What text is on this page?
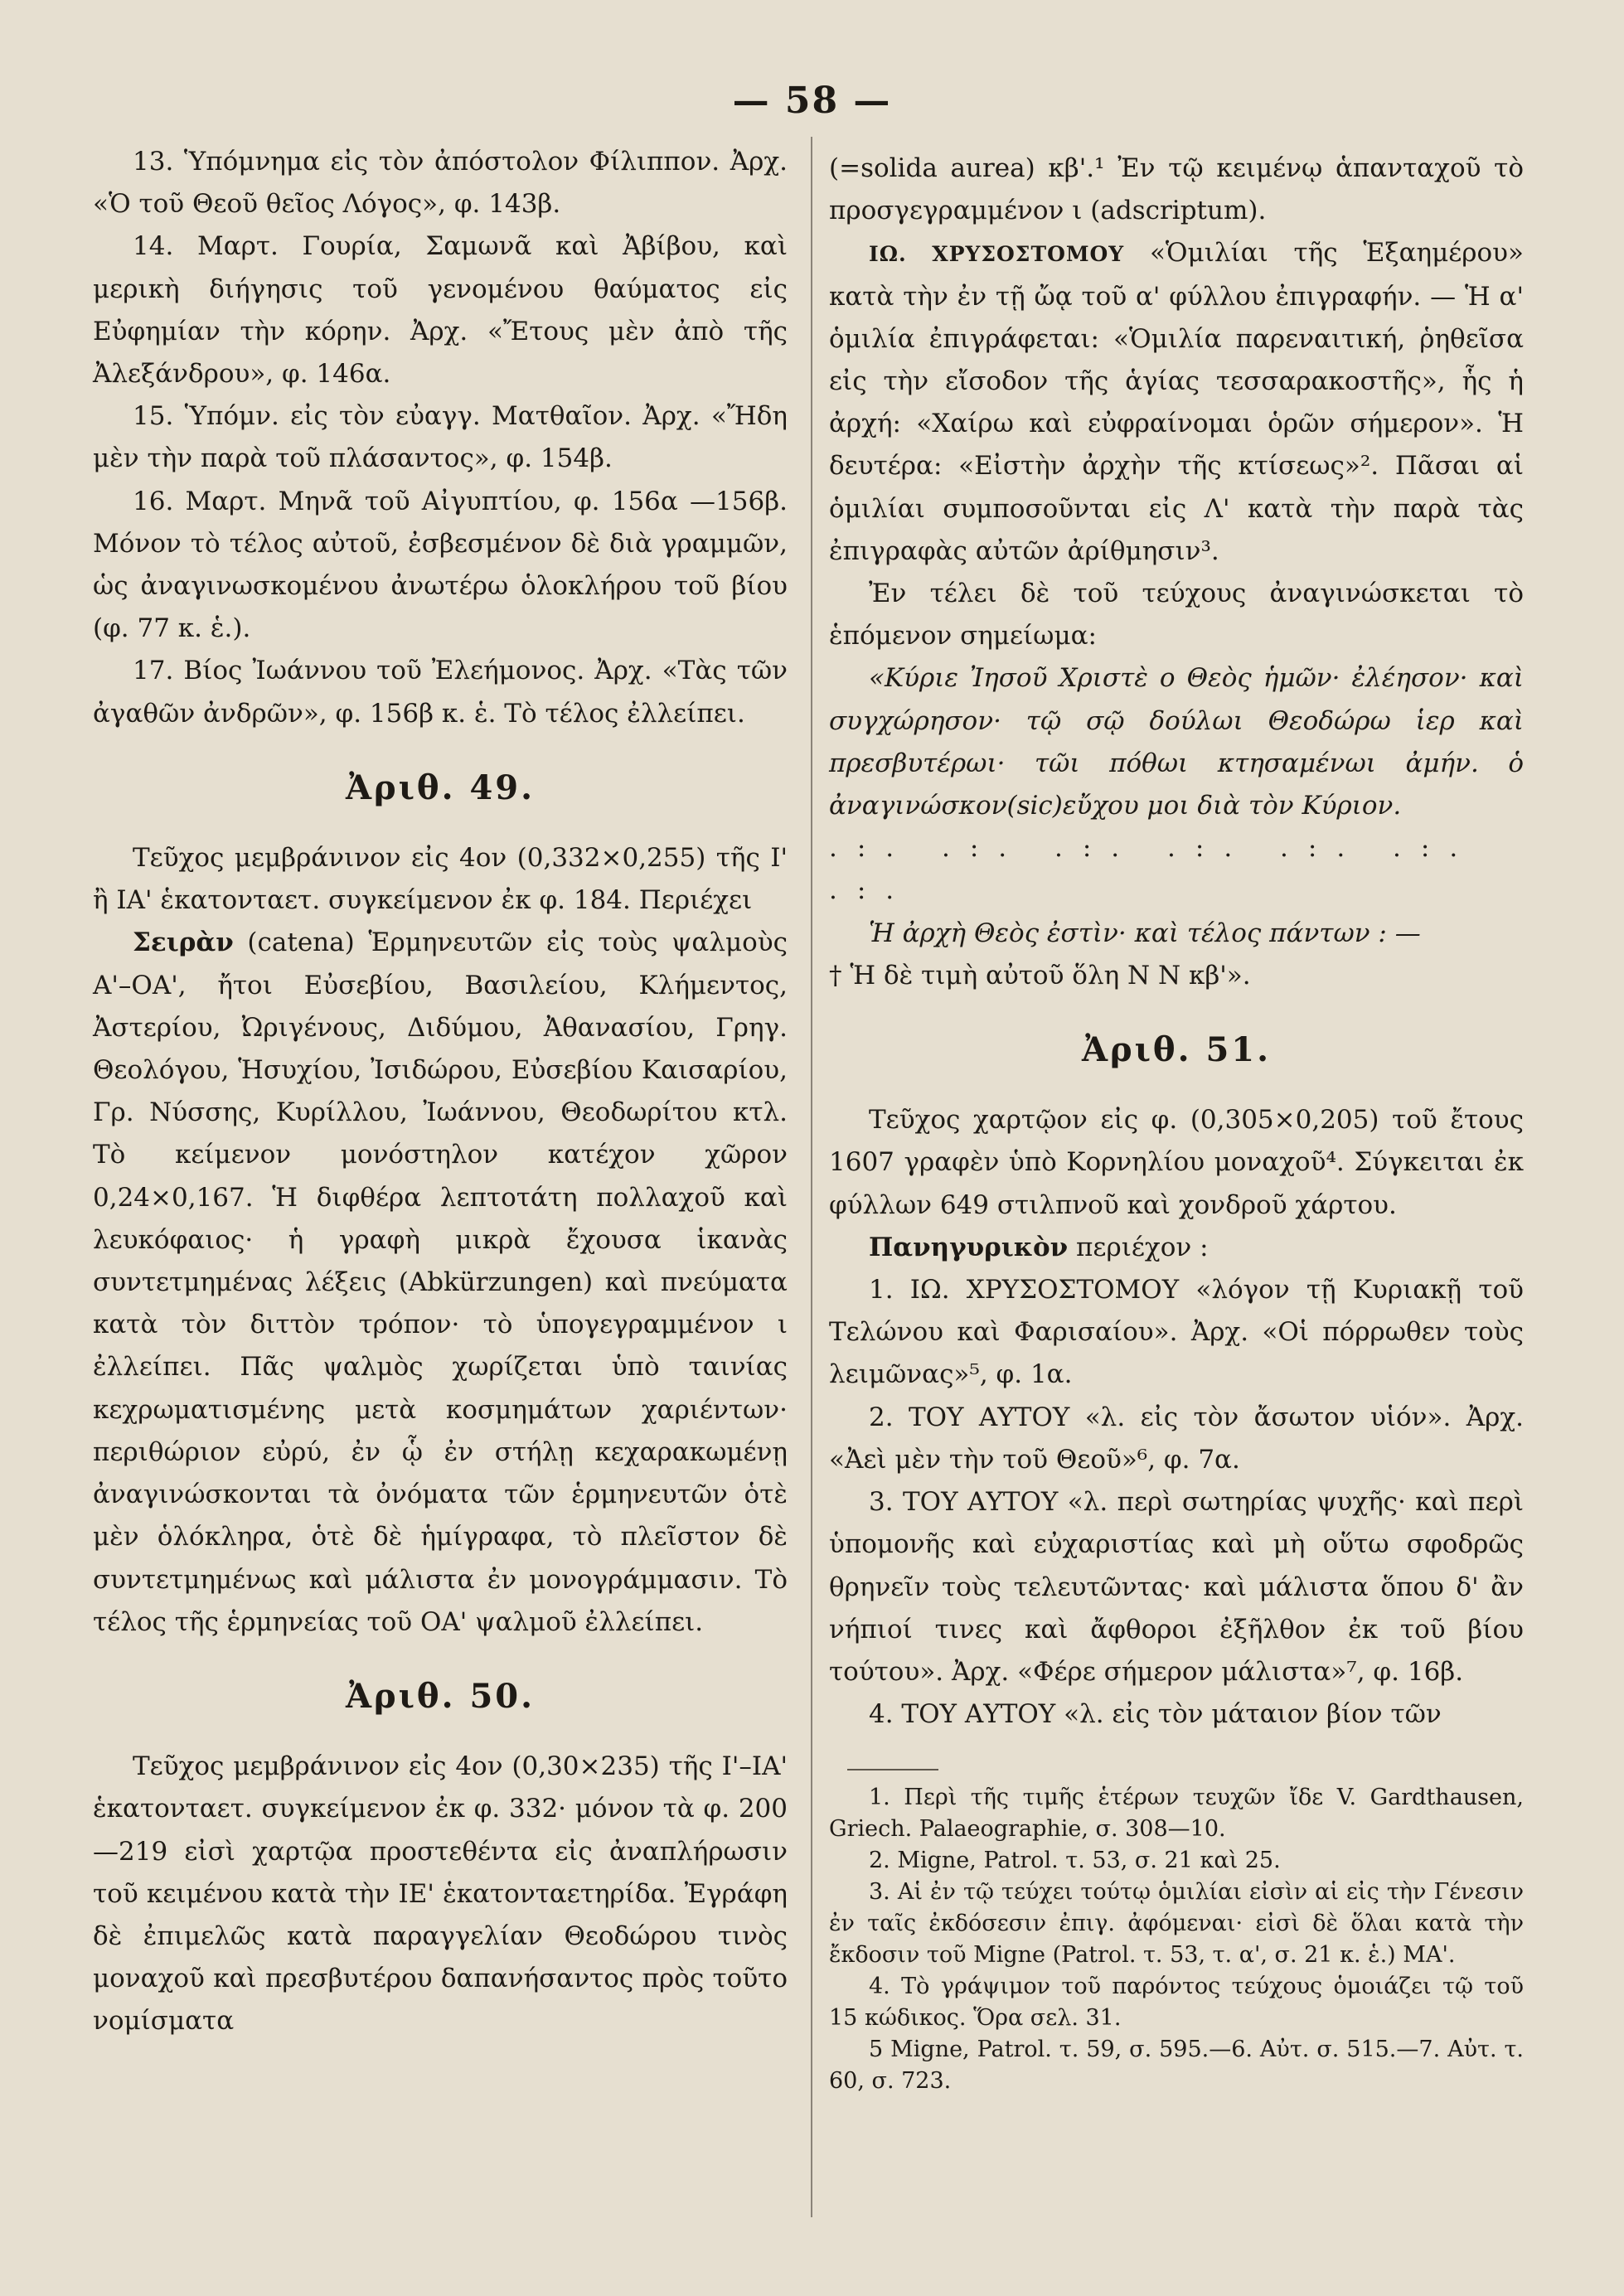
— 58 —

13. Ὑπόμνημα εἰς τὸν ἀπόστολον Φίλιππον. Ἀρχ. «Ὁ τοῦ Θεοῦ θεῖος Λόγος», φ. 143β.

14. Μαρτ. Γουρία, Σαμωνᾶ καὶ Ἀβίβου, καὶ μερικὴ διήγησις τοῦ γενομένου θαύματος εἰς Εὐφημίαν τὴν κόρην. Ἀρχ. «Ἔτους μὲν ἀπὸ τῆς Ἀλεξάνδρου», φ. 146α.

15. Ὑπόμν. εἰς τὸν εὐαγγ. Ματθαῖον. Ἀρχ. «Ἤδη μὲν τὴν παρὰ τοῦ πλάσαντος», φ. 154β.

16. Μαρτ. Μηνᾶ τοῦ Αἰγυπτίου, φ. 156α —156β. Μόνον τὸ τέλος αὐτοῦ, ἐσβεσμένον δὲ διὰ γραμμῶν, ὡς ἀναγινωσκομένου ἀνωτέρω ὁλοκλήρου τοῦ βίου (φ. 77 κ. ἑ.).

17. Βίος Ἰωάννου τοῦ Ἐλεήμονος. Ἀρχ. «Τὰς τῶν ἀγαθῶν ἀνδρῶν», φ. 156β κ. ἑ. Τὸ τέλος ἐλλείπει.

Ἀριθ. 49.

Τεῦχος μεμβράνινον εἰς 4ον (0,332×0,255) τῆς Ι' ἢ ΙΑ' ἑκατονταετ. συγκείμενον ἐκ φ. 184. Περιέχει

Σειρὰν (catena) Ἑρμηνευτῶν εἰς τοὺς ψαλμοὺς Α'–ΟΑ', ἤτοι Εὐσεβίου, Βασιλείου, Κλήμεντος, Ἀστερίου, Ὠριγένους, Διδύμου, Ἀθανασίου, Γρηγ. Θεολόγου, Ἡσυχίου, Ἰσιδώρου, Εὐσεβίου Καισαρίου, Γρ. Νύσσης, Κυρίλλου, Ἰωάννου, Θεοδωρίτου κτλ. Τὸ κείμενον μονόστηλον κατέχον χῶρον 0,24×0,167. Ἡ διφθέρα λεπτοτάτη πολλαχοῦ καὶ λευκόφαιος· ἡ γραφὴ μικρὰ ἔχουσα ἱκανὰς συντετμημένας λέξεις (Abkürzungen) καὶ πνεύματα κατὰ τὸν διττὸν τρόπον· τὸ ὑπογεγραμμένον ι ἐλλείπει. Πᾶς ψαλμὸς χωρίζεται ὑπὸ ταινίας κεχρωματισμένης μετὰ κοσμημάτων χαριέντων· περιθώριον εὐρύ, ἐν ᾧ ἐν στήλῃ κεχαρακωμένῃ ἀναγινώσκονται τὰ ὀνόματα τῶν ἑρμηνευτῶν ὁτὲ μὲν ὁλόκληρα, ὁτὲ δὲ ἡμίγραφα, τὸ πλεῖστον δὲ συντετμημένως καὶ μάλιστα ἐν μονογράμμασιν. Τὸ τέλος τῆς ἑρμηνείας τοῦ ΟΑ' ψαλμοῦ ἐλλείπει.

Ἀριθ. 50.

Τεῦχος μεμβράνινον εἰς 4ον (0,30×235) τῆς Ι'–ΙΑ' ἑκατονταετ. συγκείμενον ἐκ φ. 332· μόνον τὰ φ. 200—219 εἰσὶ χαρτῷα προστεθέντα εἰς ἀναπλήρωσιν τοῦ κειμένου κατὰ τὴν ΙΕ' ἑκατονταετηρίδα. Ἐγράφη δὲ ἐπιμελῶς κατὰ παραγγελίαν Θεοδώρου τινὸς μοναχοῦ καὶ πρεσβυτέρου δαπανήσαντος πρὸς τοῦτο νομίσματα

(=solida aurea) κβ'.¹ Ἐν τῷ κειμένῳ ἁπανταχοῦ τὸ προσγεγραμμένον ι (adscriptum).

ΙΩ. ΧΡΥΣΟΣΤΟΜΟΥ «Ὁμιλίαι τῆς Ἑξαημέρου» κατὰ τὴν ἐν τῇ ὤᾳ τοῦ α' φύλλου ἐπιγραφήν. — Ἡ α' ὁμιλία ἐπιγράφεται: «Ὁμιλία παρεναιτική, ῥηθεῖσα εἰς τὴν εἴσοδον τῆς ἁγίας τεσσαρακοστῆς», ἧς ἡ ἀρχή: «Χαίρω καὶ εὐφραίνομαι ὁρῶν σήμερον». Ἡ δευτέρα: «Εἰστὴν ἀρχὴν τῆς κτίσεως»². Πᾶσαι αἱ ὁμιλίαι συμποσοῦνται εἰς Λ' κατὰ τὴν παρὰ τὰς ἐπιγραφὰς αὐτῶν ἀρίθμησιν³.

Ἐν τέλει δὲ τοῦ τεύχους ἀναγινώσκεται τὸ ἑπόμενον σημείωμα:

«Κύριε Ἰησοῦ Χριστὲ ο Θεὸς ἡμῶν· ἐλέησον· καὶ συγχώρησον· τῷ σῷ δούλωι Θεοδώρω ἱερ καὶ πρεσβυτέρωι· τῶι πόθωι κτησαμένωι ἀμήν. ὁ ἀναγινώσκον(sic)εὔχου μοι διὰ τὸν Κύριον.

.:. .:. .:. .:. .:. .:. .:.

Ἡ ἀρχὴ Θεὸς ἐστὶν· καὶ τέλος πάντων : —

† Ἡ δὲ τιμὴ αὐτοῦ ὅλη Ν Ν κβ'».

Ἀριθ. 51.

Τεῦχος χαρτῷον εἰς φ. (0,305×0,205) τοῦ ἔτους 1607 γραφὲν ὑπὸ Κορνηλίου μοναχοῦ⁴. Σύγκειται ἐκ φύλλων 649 στιλπνοῦ καὶ χονδροῦ χάρτου.

Πανηγυρικὸν περιέχον :

1. ΙΩ. ΧΡΥΣΟΣΤΟΜΟΥ «λόγον τῇ Κυριακῇ τοῦ Τελώνου καὶ Φαρισαίου». Ἀρχ. «Οἱ πόρρωθεν τοὺς λειμῶνας»⁵, φ. 1α.

2. ΤΟΥ ΑΥΤΟΥ «λ. εἰς τὸν ἄσωτον υἱόν». Ἀρχ. «Ἀεὶ μὲν τὴν τοῦ Θεοῦ»⁶, φ. 7α.

3. ΤΟΥ ΑΥΤΟΥ «λ. περὶ σωτηρίας ψυχῆς· καὶ περὶ ὑπομονῆς καὶ εὐχαριστίας καὶ μὴ οὕτω σφοδρῶς θρηνεῖν τοὺς τελευτῶντας· καὶ μάλιστα ὅπου δ' ἂν νήπιοί τινες καὶ ἄφθοροι ἐξῆλθον ἐκ τοῦ βίου τούτου». Ἀρχ. «Φέρε σήμερον μάλιστα»⁷, φ. 16β.

4. ΤΟΥ ΑΥΤΟΥ «λ. εἰς τὸν μάταιον βίον τῶν

1. Περὶ τῆς τιμῆς ἑτέρων τευχῶν ἴδε V. Gardthausen, Griech. Palaeographie, σ. 308—10.

2. Migne, Patrol. τ. 53, σ. 21 καὶ 25.

3. Αἱ ἐν τῷ τεύχει τούτῳ ὁμιλίαι εἰσὶν αἱ εἰς τὴν Γένεσιν ἐν ταῖς ἐκδόσεσιν ἐπιγ. ἀφόμεναι· εἰσὶ δὲ ὅλαι κατὰ τὴν ἔκδοσιν τοῦ Migne (Patrol. τ. 53, τ. α', σ. 21 κ. ἑ.) ΜΑ'.

4. Τὸ γράψιμον τοῦ παρόντος τεύχους ὁμοιάζει τῷ τοῦ 15 κώδικος. Ὅρα σελ. 31.

5 Migne, Patrol. τ. 59, σ. 595.—6. Αὐτ. σ. 515.—7. Αὐτ. τ. 60, σ. 723.
